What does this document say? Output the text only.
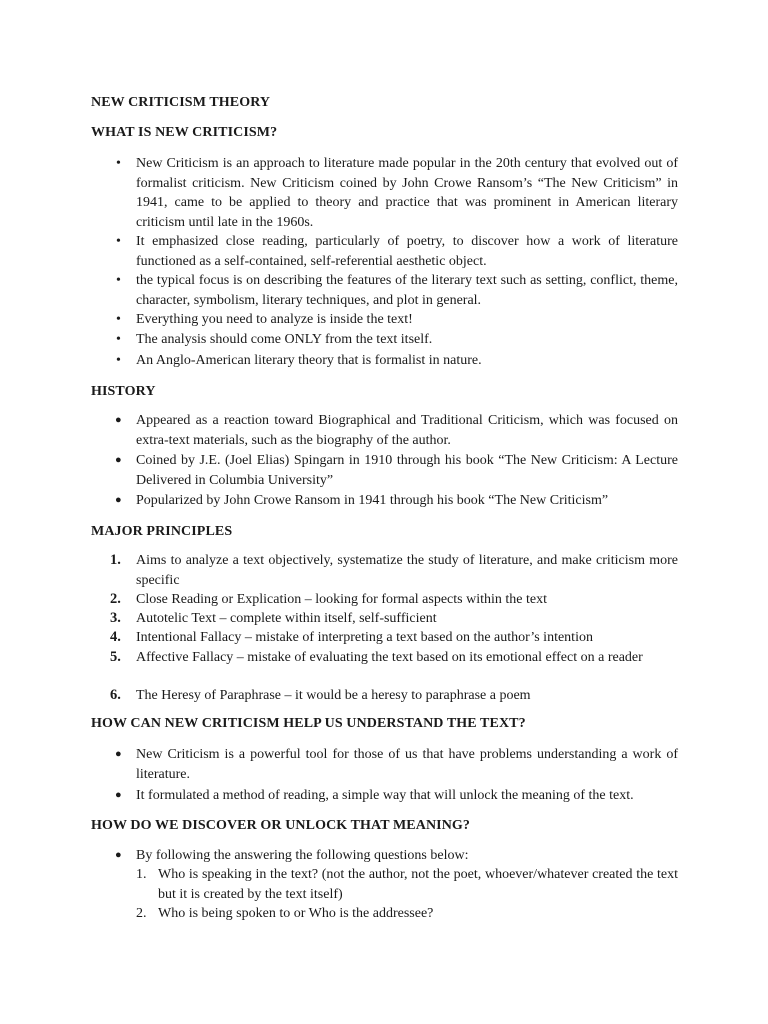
NEW CRITICISM THEORY
WHAT IS NEW CRITICISM?
• New Criticism is an approach to literature made popular in the 20th century that evolved out of formalist criticism. New Criticism coined by John Crowe Ransom’s “The New Criticism” in 1941, came to be applied to theory and practice that was prominent in American literary criticism until late in the 1960s.
• It emphasized close reading, particularly of poetry, to discover how a work of literature functioned as a self-contained, self-referential aesthetic object.
• the typical focus is on describing the features of the literary text such as setting, conflict, theme, character, symbolism, literary techniques, and plot in general.
• Everything you need to analyze is inside the text!
• The analysis should come ONLY from the text itself.
• An Anglo-American literary theory that is formalist in nature.
HISTORY
● Appeared as a reaction toward Biographical and Traditional Criticism, which was focused on extra-text materials, such as the biography of the author.
● Coined by J.E. (Joel Elias) Spingarn in 1910 through his book “The New Criticism: A Lecture Delivered in Columbia University”
● Popularized by John Crowe Ransom in 1941 through his book “The New Criticism”
MAJOR PRINCIPLES
1. Aims to analyze a text objectively, systematize the study of literature, and make criticism more specific
2. Close Reading or Explication – looking for formal aspects within the text
3. Autotelic Text – complete within itself, self-sufficient
4. Intentional Fallacy – mistake of interpreting a text based on the author’s intention
5. Affective Fallacy – mistake of evaluating the text based on its emotional effect on a reader
6. The Heresy of Paraphrase – it would be a heresy to paraphrase a poem
HOW CAN NEW CRITICISM HELP US UNDERSTAND THE TEXT?
● New Criticism is a powerful tool for those of us that have problems understanding a work of literature.
● It formulated a method of reading, a simple way that will unlock the meaning of the text.
HOW DO WE DISCOVER OR UNLOCK THAT MEANING?
● By following the answering the following questions below:
1. Who is speaking in the text? (not the author, not the poet, whoever/whatever created the text but it is created by the text itself)
2. Who is being spoken to or Who is the addressee?
